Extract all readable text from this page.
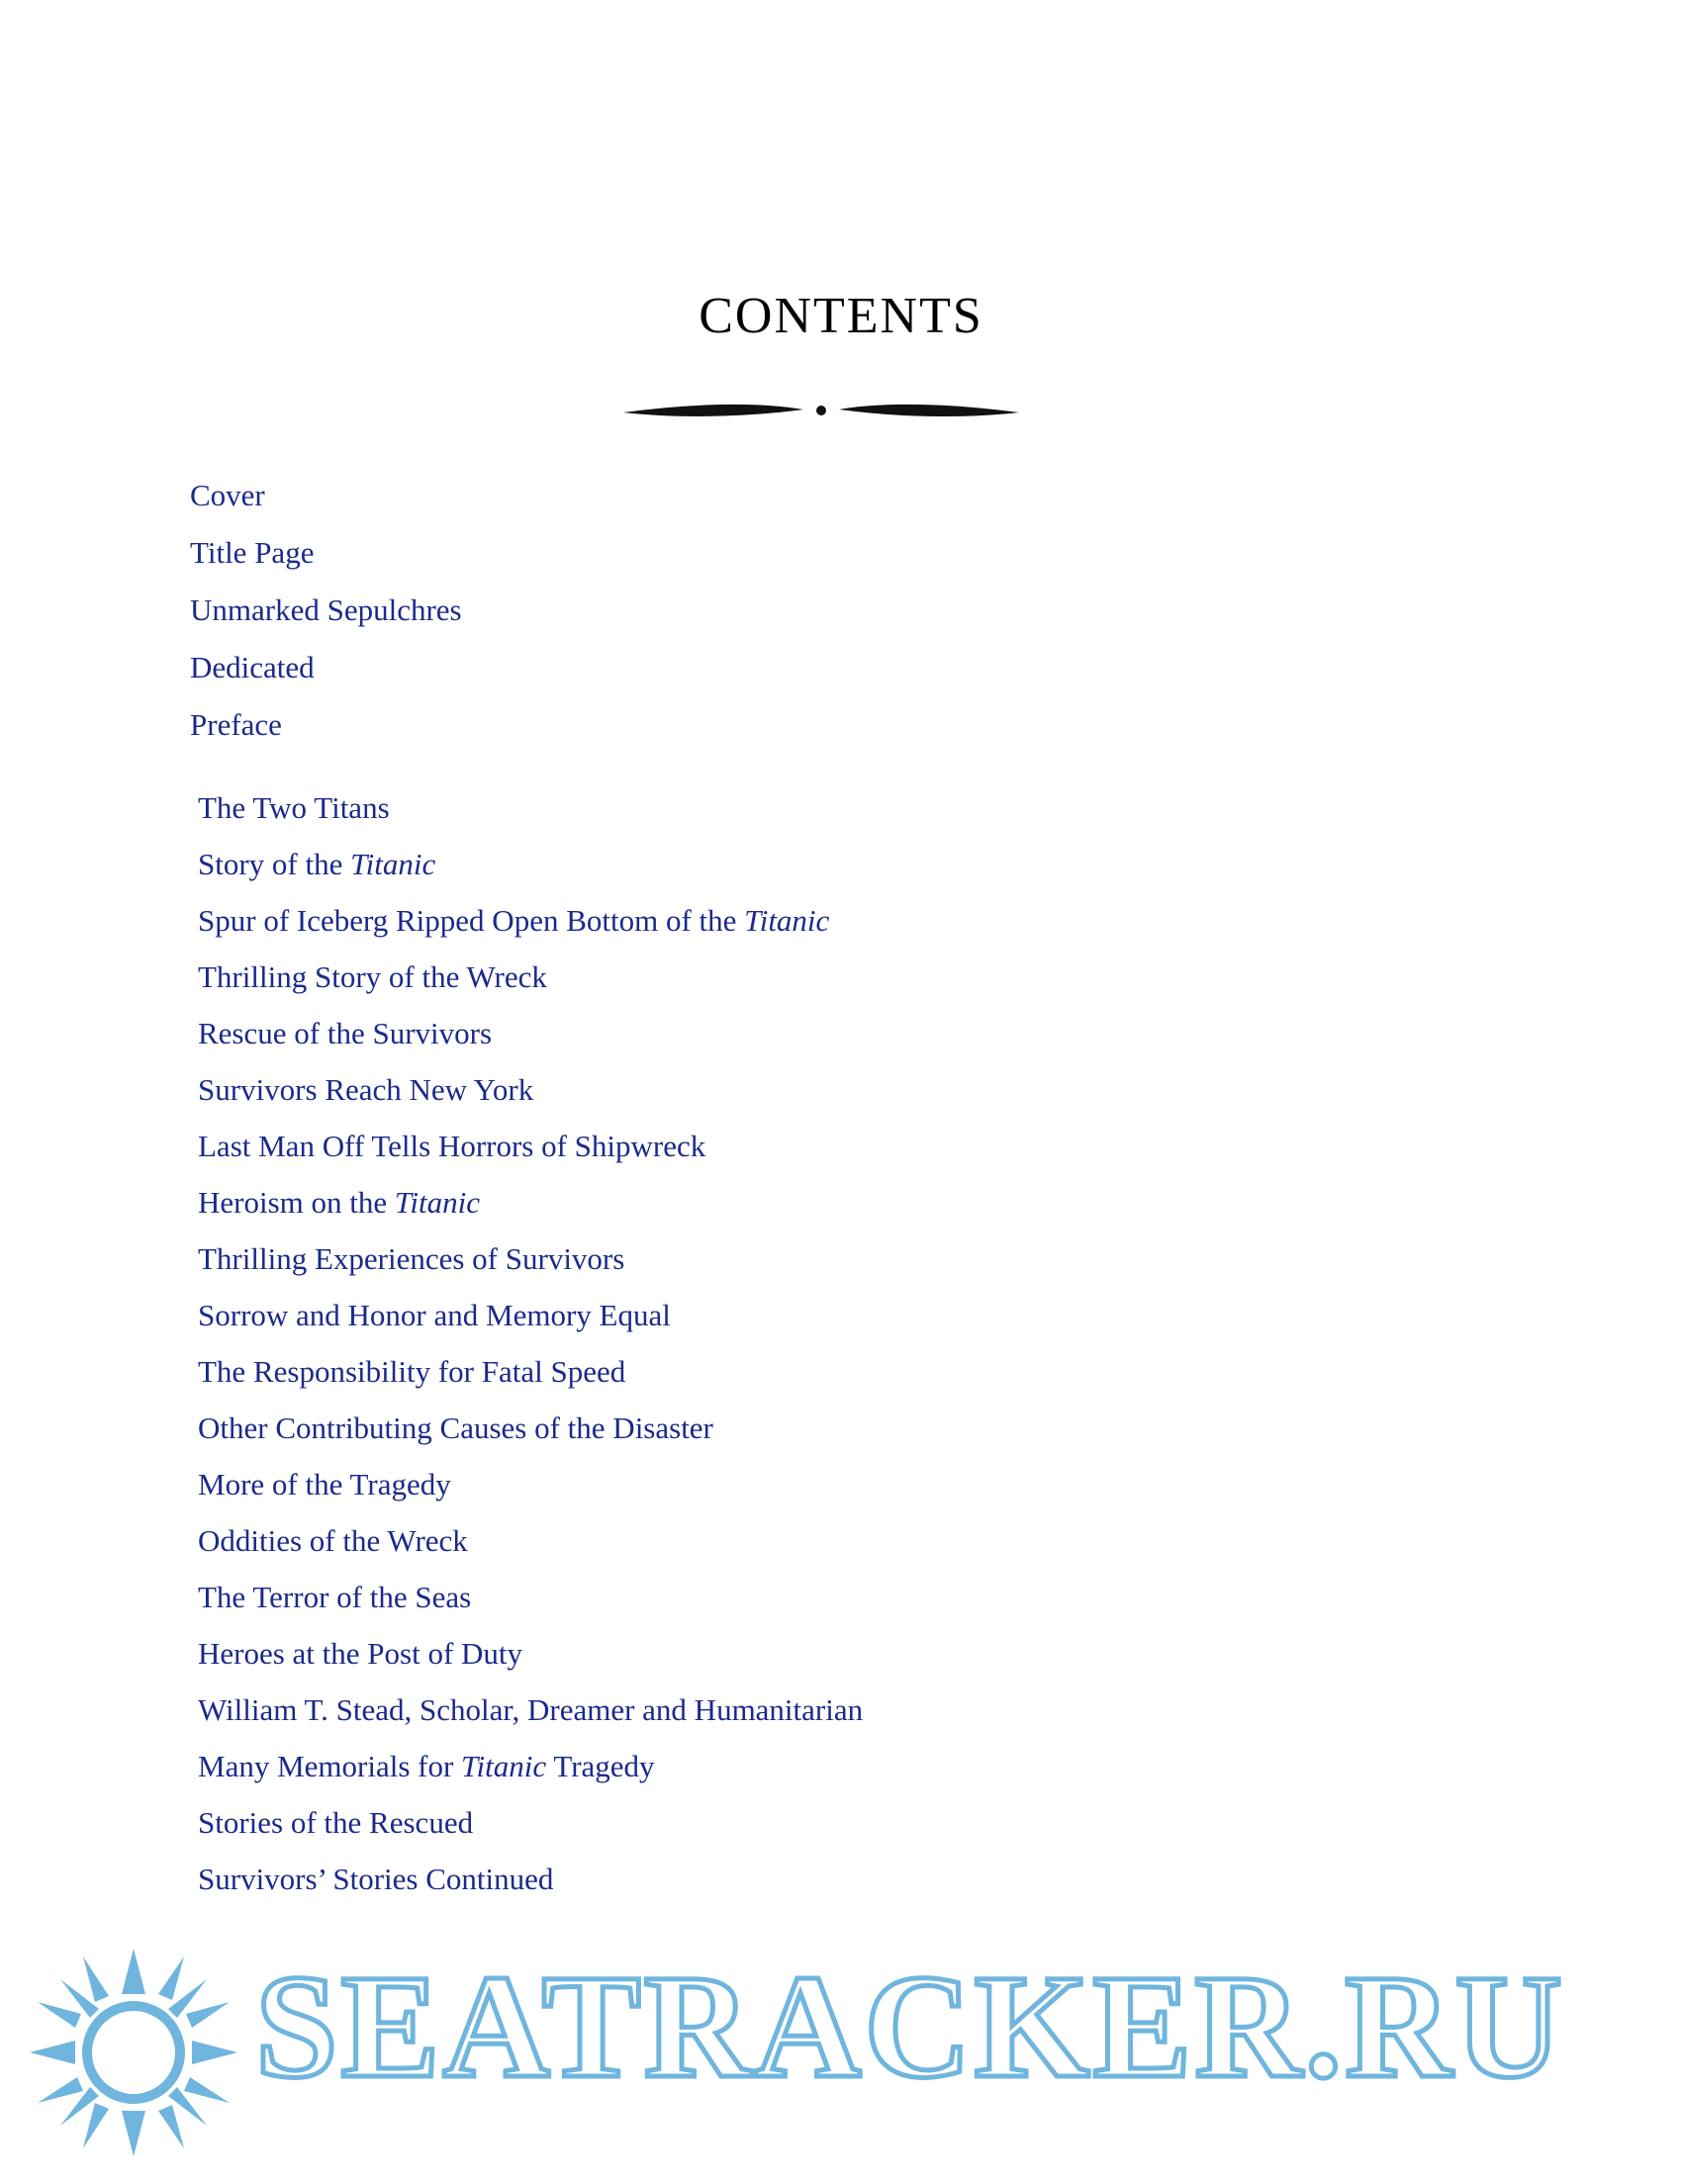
CONTENTS
Cover
Title Page
Unmarked Sepulchres
Dedicated
Preface
The Two Titans
Story of the Titanic
Spur of Iceberg Ripped Open Bottom of the Titanic
Thrilling Story of the Wreck
Rescue of the Survivors
Survivors Reach New York
Last Man Off Tells Horrors of Shipwreck
Heroism on the Titanic
Thrilling Experiences of Survivors
Sorrow and Honor and Memory Equal
The Responsibility for Fatal Speed
Other Contributing Causes of the Disaster
More of the Tragedy
Oddities of the Wreck
The Terror of the Seas
Heroes at the Post of Duty
William T. Stead, Scholar, Dreamer and Humanitarian
Many Memorials for Titanic Tragedy
Stories of the Rescued
Survivors’ Stories Continued
SEATRACKER.RU
